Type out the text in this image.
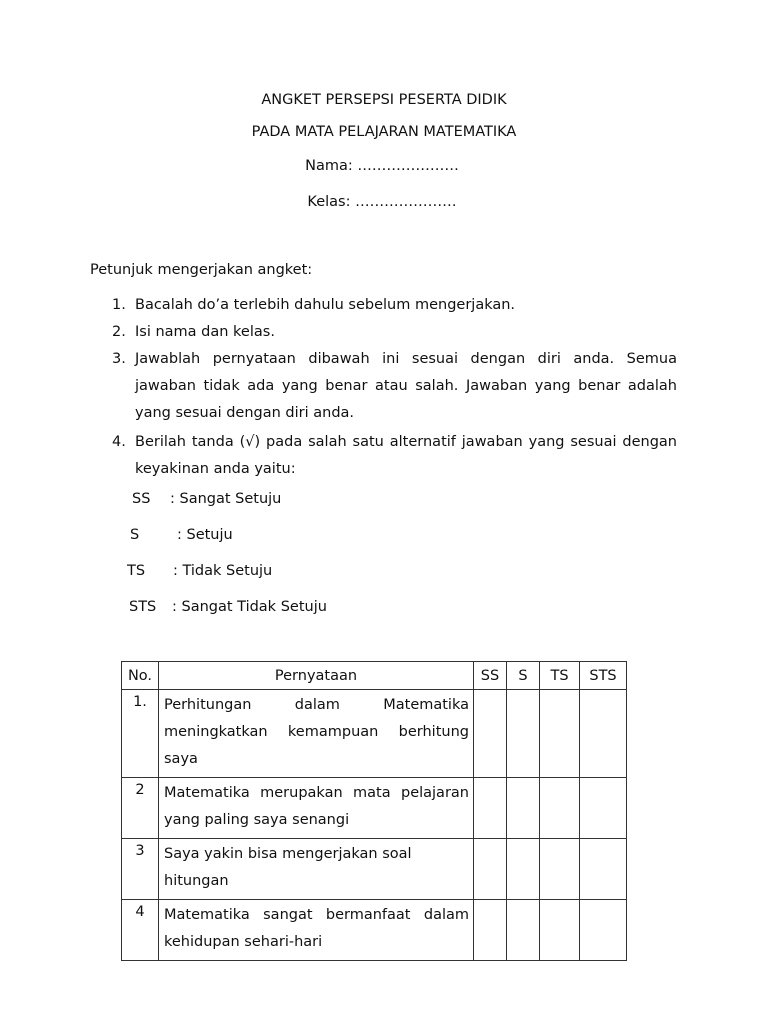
ANGKET PERSEPSI PESERTA DIDIK
PADA MATA PELAJARAN MATEMATIKA
Nama: …………………
Kelas: …………………
Petunjuk mengerjakan angket:
1. Bacalah do’a terlebih dahulu sebelum mengerjakan.
2. Isi nama dan kelas.
3. Jawablah pernyataan dibawah ini sesuai dengan diri anda. Semua jawaban tidak ada yang benar atau salah. Jawaban yang benar adalah yang sesuai dengan diri anda.
4. Berilah tanda (√) pada salah satu alternatif jawaban yang sesuai dengan keyakinan anda yaitu:
SS : Sangat Setuju
S	: Setuju
TS : Tidak Setuju
STS : Sangat Tidak Setuju
No.	Pernyataan	SS	S	TS	STS
1.	Perhitungan dalam Matematika meningkatkan kemampuan berhitung saya				
2	Matematika merupakan mata pelajaran yang paling saya senangi				
3	Saya yakin bisa mengerjakan soal hitungan				
4	Matematika sangat bermanfaat dalam kehidupan sehari-hari				
